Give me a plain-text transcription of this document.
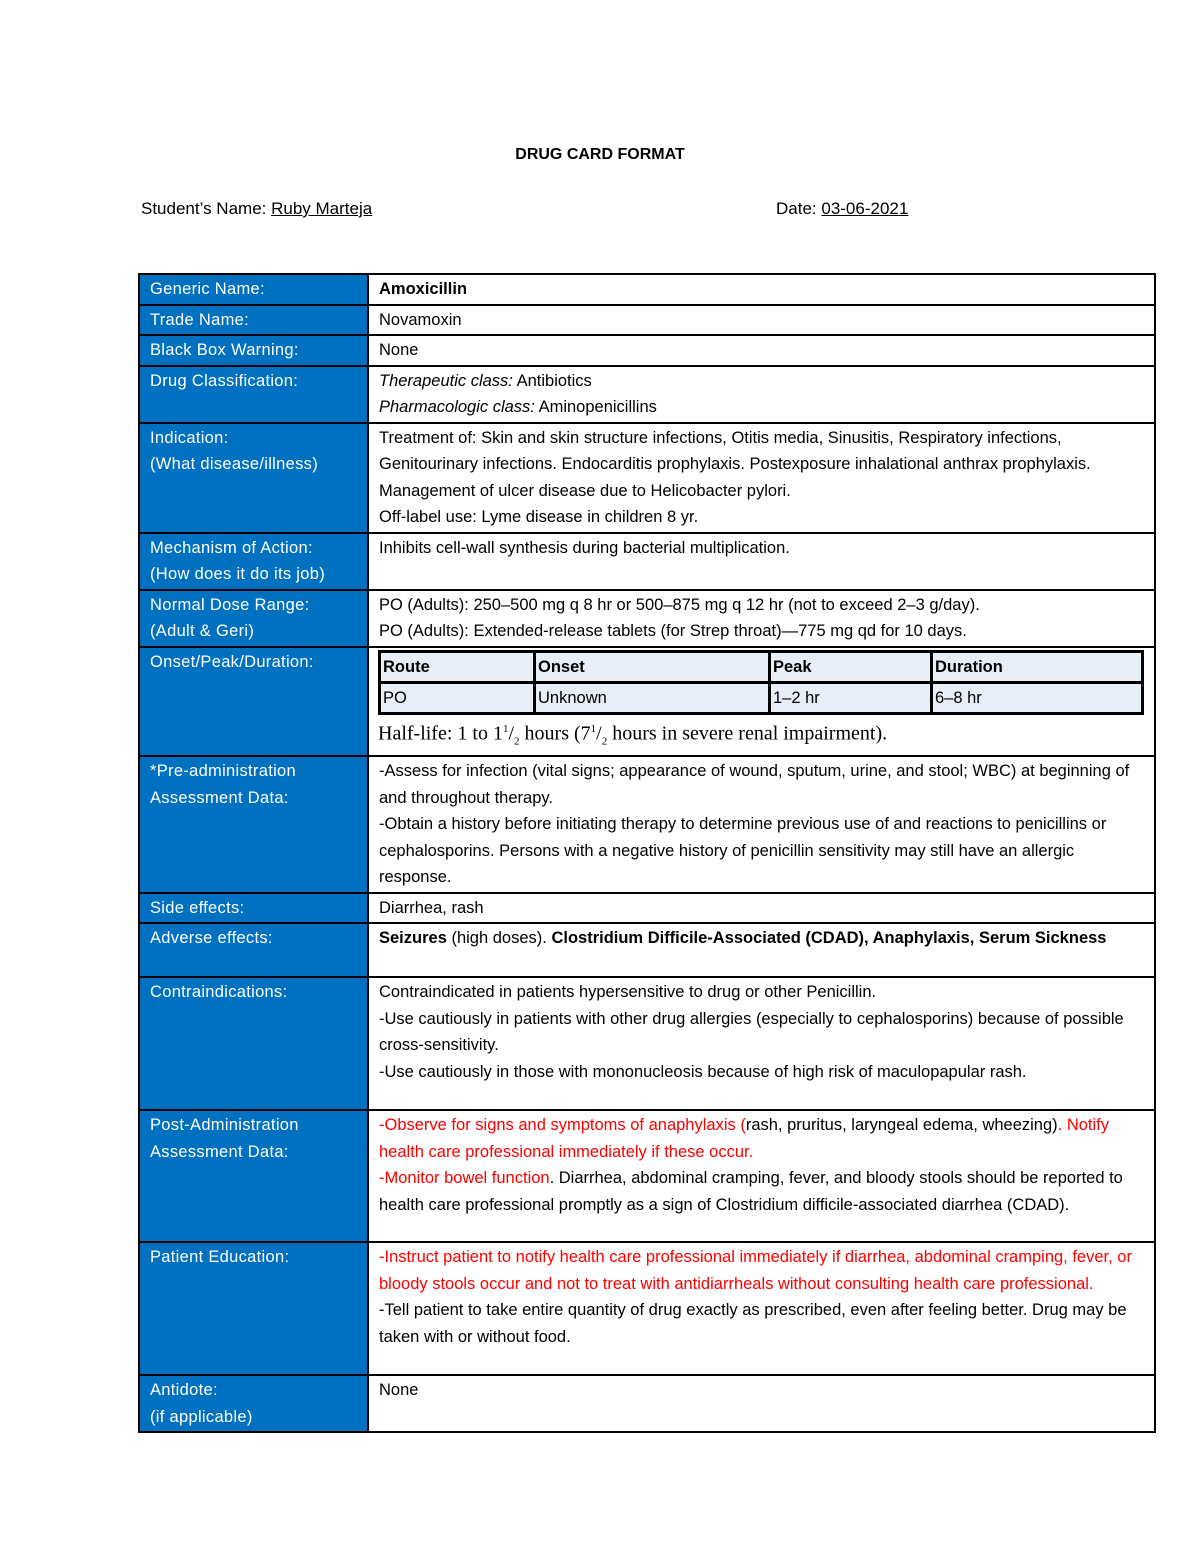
DRUG CARD FORMAT
Student’s Name: Ruby Marteja	Date: 03-06-2021
Generic Name:	Amoxicillin

Trade Name:	Novamoxin

Black Box Warning:	None

Drug Classification:	Therapeutic class: Antibiotics
Pharmacologic class: Aminopenicillins

Indication:
(What disease/illness)

Treatment of: Skin and skin structure infections, Otitis media, Sinusitis, Respiratory infections, Genitourinary infections. Endocarditis prophylaxis. Postexposure inhalational anthrax prophylaxis. Management of ulcer disease due to Helicobacter pylori.
Off-label use: Lyme disease in children 8 yr.

Mechanism of Action:
(How does it do its job)

Inhibits cell-wall synthesis during bacterial multiplication.

Normal Dose Range:
(Adult & Geri)

PO (Adults): 250–500 mg q 8 hr or 500–875 mg q 12 hr (not to exceed 2–3 g/day).
PO (Adults): Extended-release tablets (for Strep throat)—775 mg qd for 10 days.

Onset/Peak/Duration:
		Route	Onset	Peak	Duration
PO	Unknown	1–2 hr	6–8 hr
Half-life: 1 to $1^1/_2$ hours ($7^1/_2$ hours in severe renal impairment).

*Pre-administration
Assessment Data:

-Assess for infection (vital signs; appearance of wound, sputum, urine, and stool; WBC) at beginning of and throughout therapy.
-Obtain a history before initiating therapy to determine previous use of and reactions to penicillins or cephalosporins. Persons with a negative history of penicillin sensitivity may still have an allergic response.

Side effects:	Diarrhea, rash

Adverse effects:	Seizures (high doses). Clostridium Difficile-Associated (CDAD), Anaphylaxis, Serum Sickness

Contraindications:	Contraindicated in patients hypersensitive to drug or other Penicillin.
-Use cautiously in patients with other drug allergies (especially to cephalosporins) because of possible cross-sensitivity.
-Use cautiously in those with mononucleosis because of high risk of maculopapular rash.

Post-Administration
Assessment Data:

-Observe for signs and symptoms of anaphylaxis (rash, pruritus, laryngeal edema, wheezing). Notify health care professional immediately if these occur.
-Monitor bowel function. Diarrhea, abdominal cramping, fever, and bloody stools should be reported to health care professional promptly as a sign of Clostridium difficile-associated diarrhea (CDAD).

Patient Education:	-Instruct patient to notify health care professional immediately if diarrhea, abdominal cramping, fever, or bloody stools occur and not to treat with antidiarrheals without consulting health care professional.
-Tell patient to take entire quantity of drug exactly as prescribed, even after feeling better. Drug may be taken with or without food.

Antidote:
(if applicable)

None
